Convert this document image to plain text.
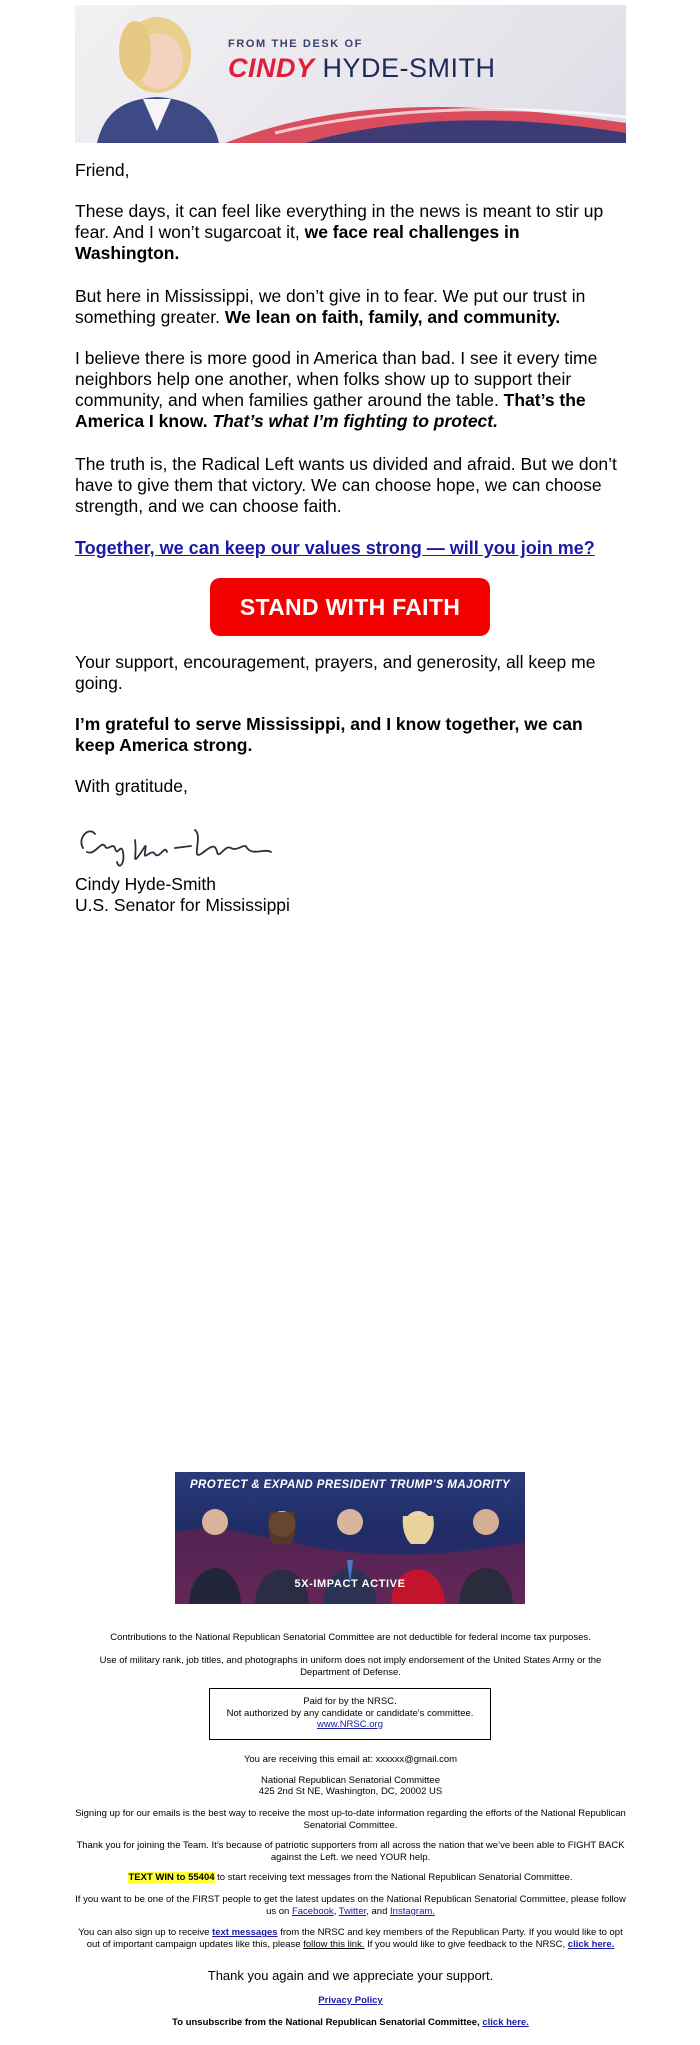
FROM THE DESK OF
CINDY HYDE-SMITH

Friend,

These days, it can feel like everything in the news is meant to stir up fear. And I won’t sugarcoat it, we face real challenges in Washington.

But here in Mississippi, we don’t give in to fear. We put our trust in something greater. We lean on faith, family, and community.

I believe there is more good in America than bad. I see it every time neighbors help one another, when folks show up to support their community, and when families gather around the table. That’s the America I know. That’s what I’m fighting to protect.

The truth is, the Radical Left wants us divided and afraid. But we don’t have to give them that victory. We can choose hope, we can choose strength, and we can choose faith.

Together, we can keep our values strong — will you join me?

STAND WITH FAITH

Your support, encouragement, prayers, and generosity, all keep me going.

I’m grateful to serve Mississippi, and I know together, we can keep America strong.

With gratitude,

Cindy Hyde-Smith

U.S. Senator for Mississippi

PROTECT & EXPAND PRESIDENT TRUMP'S MAJORITY
5X-IMPACT ACTIVE

Contributions to the National Republican Senatorial Committee are not deductible for federal income tax purposes.

Use of military rank, job titles, and photographs in uniform does not imply endorsement of the United States Army or the Department of Defense.

Paid for by the NRSC.
Not authorized by any candidate or candidate's committee.
www.NRSC.org

You are receiving this email at: xxxxxx@gmail.com

National Republican Senatorial Committee

425 2nd St NE, Washington, DC, 20002 US

Signing up for our emails is the best way to receive the most up-to-date information regarding the efforts of the National Republican Senatorial Committee.

Thank you for joining the Team. It’s because of patriotic supporters from all across the nation that we’ve been able to FIGHT BACK against the Left. we need YOUR help.

TEXT WIN to 55404 to start receiving text messages from the National Republican Senatorial Committee.

If you want to be one of the FIRST people to get the latest updates on the National Republican Senatorial Committee, please follow us on Facebook, Twitter, and Instagram.

You can also sign up to receive text messages from the NRSC and key members of the Republican Party. If you would like to opt out of important campaign updates like this, please follow this link. If you would like to give feedback to the NRSC, click here.

Thank you again and we appreciate your support.

Privacy Policy

To unsubscribe from the National Republican Senatorial Committee, click here.
